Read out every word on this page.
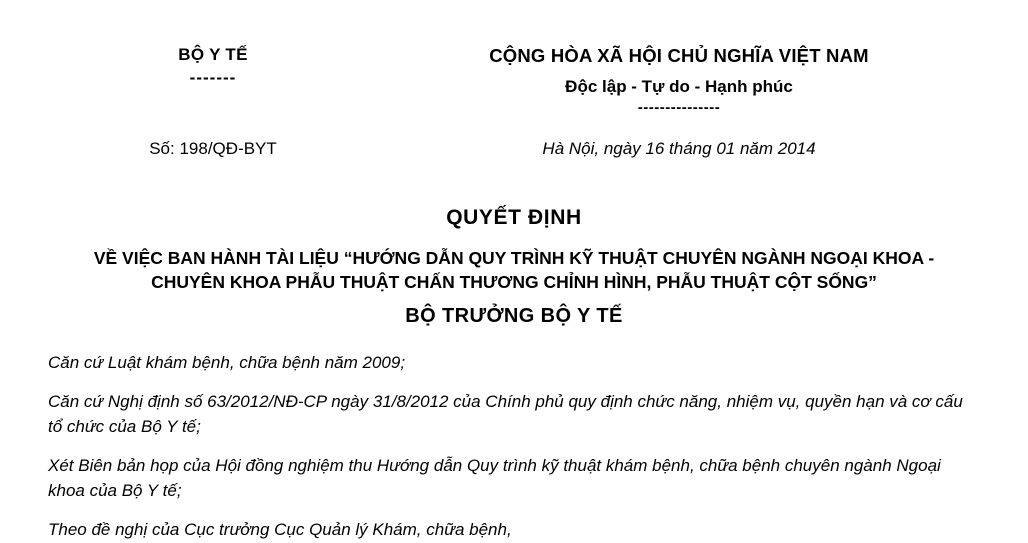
BỘ Y TẾ
-------
CỘNG HÒA XÃ HỘI CHỦ NGHĨA VIỆT NAM
Độc lập - Tự do - Hạnh phúc
---------------
Số: 198/QĐ-BYT	Hà Nội, ngày 16 tháng 01 năm 2014
QUYẾT ĐỊNH
VỀ VIỆC BAN HÀNH TÀI LIỆU “HƯỚNG DẪN QUY TRÌNH KỸ THUẬT CHUYÊN NGÀNH NGOẠI KHOA - CHUYÊN KHOA PHẪU THUẬT CHẤN THƯƠNG CHỈNH HÌNH, PHẪU THUẬT CỘT SỐNG”
BỘ TRƯỞNG BỘ Y TẾ

Căn cứ Luật khám bệnh, chữa bệnh năm 2009;

Căn cứ Nghị định số 63/2012/NĐ-CP ngày 31/8/2012 của Chính phủ quy định chức năng, nhiệm vụ, quyền hạn và cơ cấu tổ chức của Bộ Y tế;

Xét Biên bản họp của Hội đồng nghiệm thu Hướng dẫn Quy trình kỹ thuật khám bệnh, chữa bệnh chuyên ngành Ngoại khoa của Bộ Y tế;

Theo đề nghị của Cục trưởng Cục Quản lý Khám, chữa bệnh,
